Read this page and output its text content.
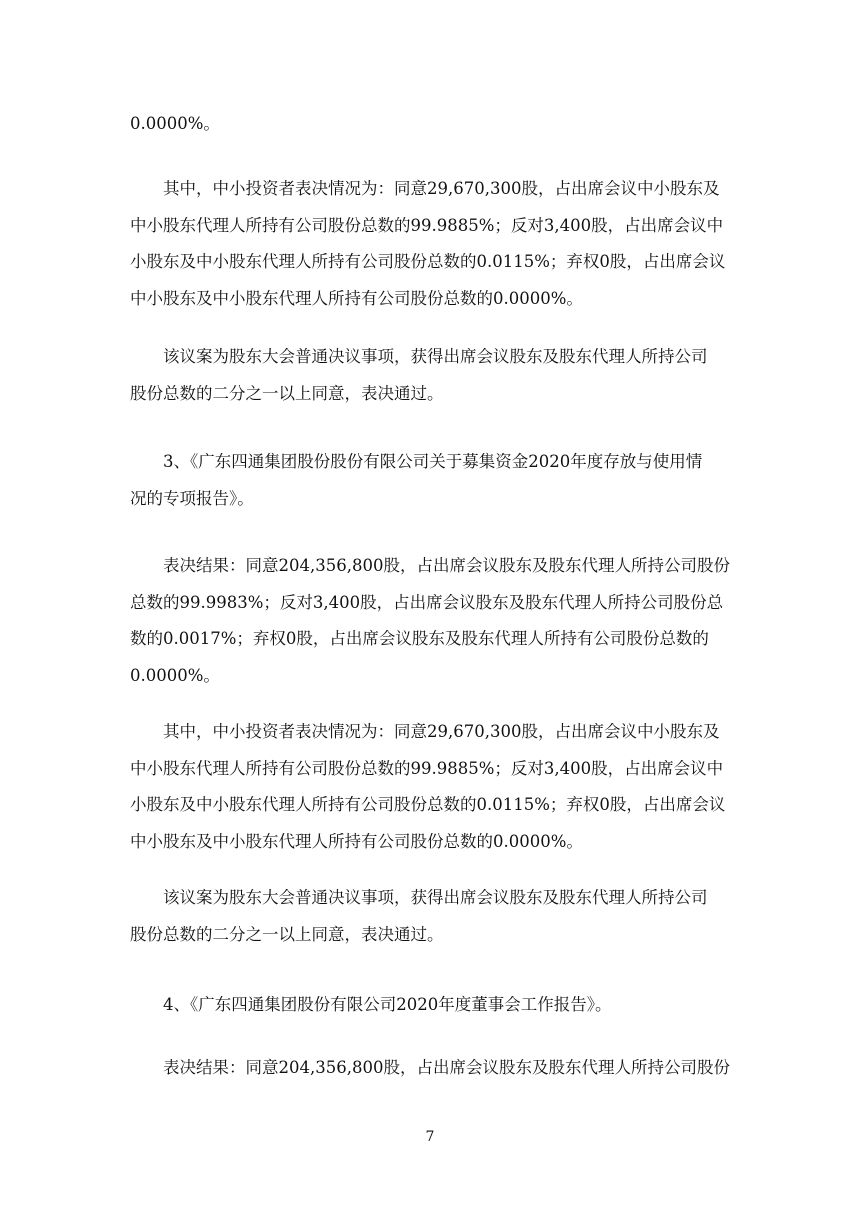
0.0000%。

其中，中小投资者表决情况为：同意29,670,300股，占出席会议中小股东及
中小股东代理人所持有公司股份总数的99.9885%；反对3,400股，占出席会议中
小股东及中小股东代理人所持有公司股份总数的0.0115%；弃权0股，占出席会议
中小股东及中小股东代理人所持有公司股份总数的0.0000%。

该议案为股东大会普通决议事项，获得出席会议股东及股东代理人所持公司
股份总数的二分之一以上同意，表决通过。

3、《广东四通集团股份股份有限公司关于募集资金2020年度存放与使用情
况的专项报告》。

表决结果：同意204,356,800股，占出席会议股东及股东代理人所持公司股份
总数的99.9983%；反对3,400股，占出席会议股东及股东代理人所持公司股份总
数的0.0017%；弃权0股，占出席会议股东及股东代理人所持有公司股份总数的
0.0000%。

其中，中小投资者表决情况为：同意29,670,300股，占出席会议中小股东及
中小股东代理人所持有公司股份总数的99.9885%；反对3,400股，占出席会议中
小股东及中小股东代理人所持有公司股份总数的0.0115%；弃权0股，占出席会议
中小股东及中小股东代理人所持有公司股份总数的0.0000%。

该议案为股东大会普通决议事项，获得出席会议股东及股东代理人所持公司
股份总数的二分之一以上同意，表决通过。

4、《广东四通集团股份有限公司2020年度董事会工作报告》。

表决结果：同意204,356,800股，占出席会议股东及股东代理人所持公司股份

7
